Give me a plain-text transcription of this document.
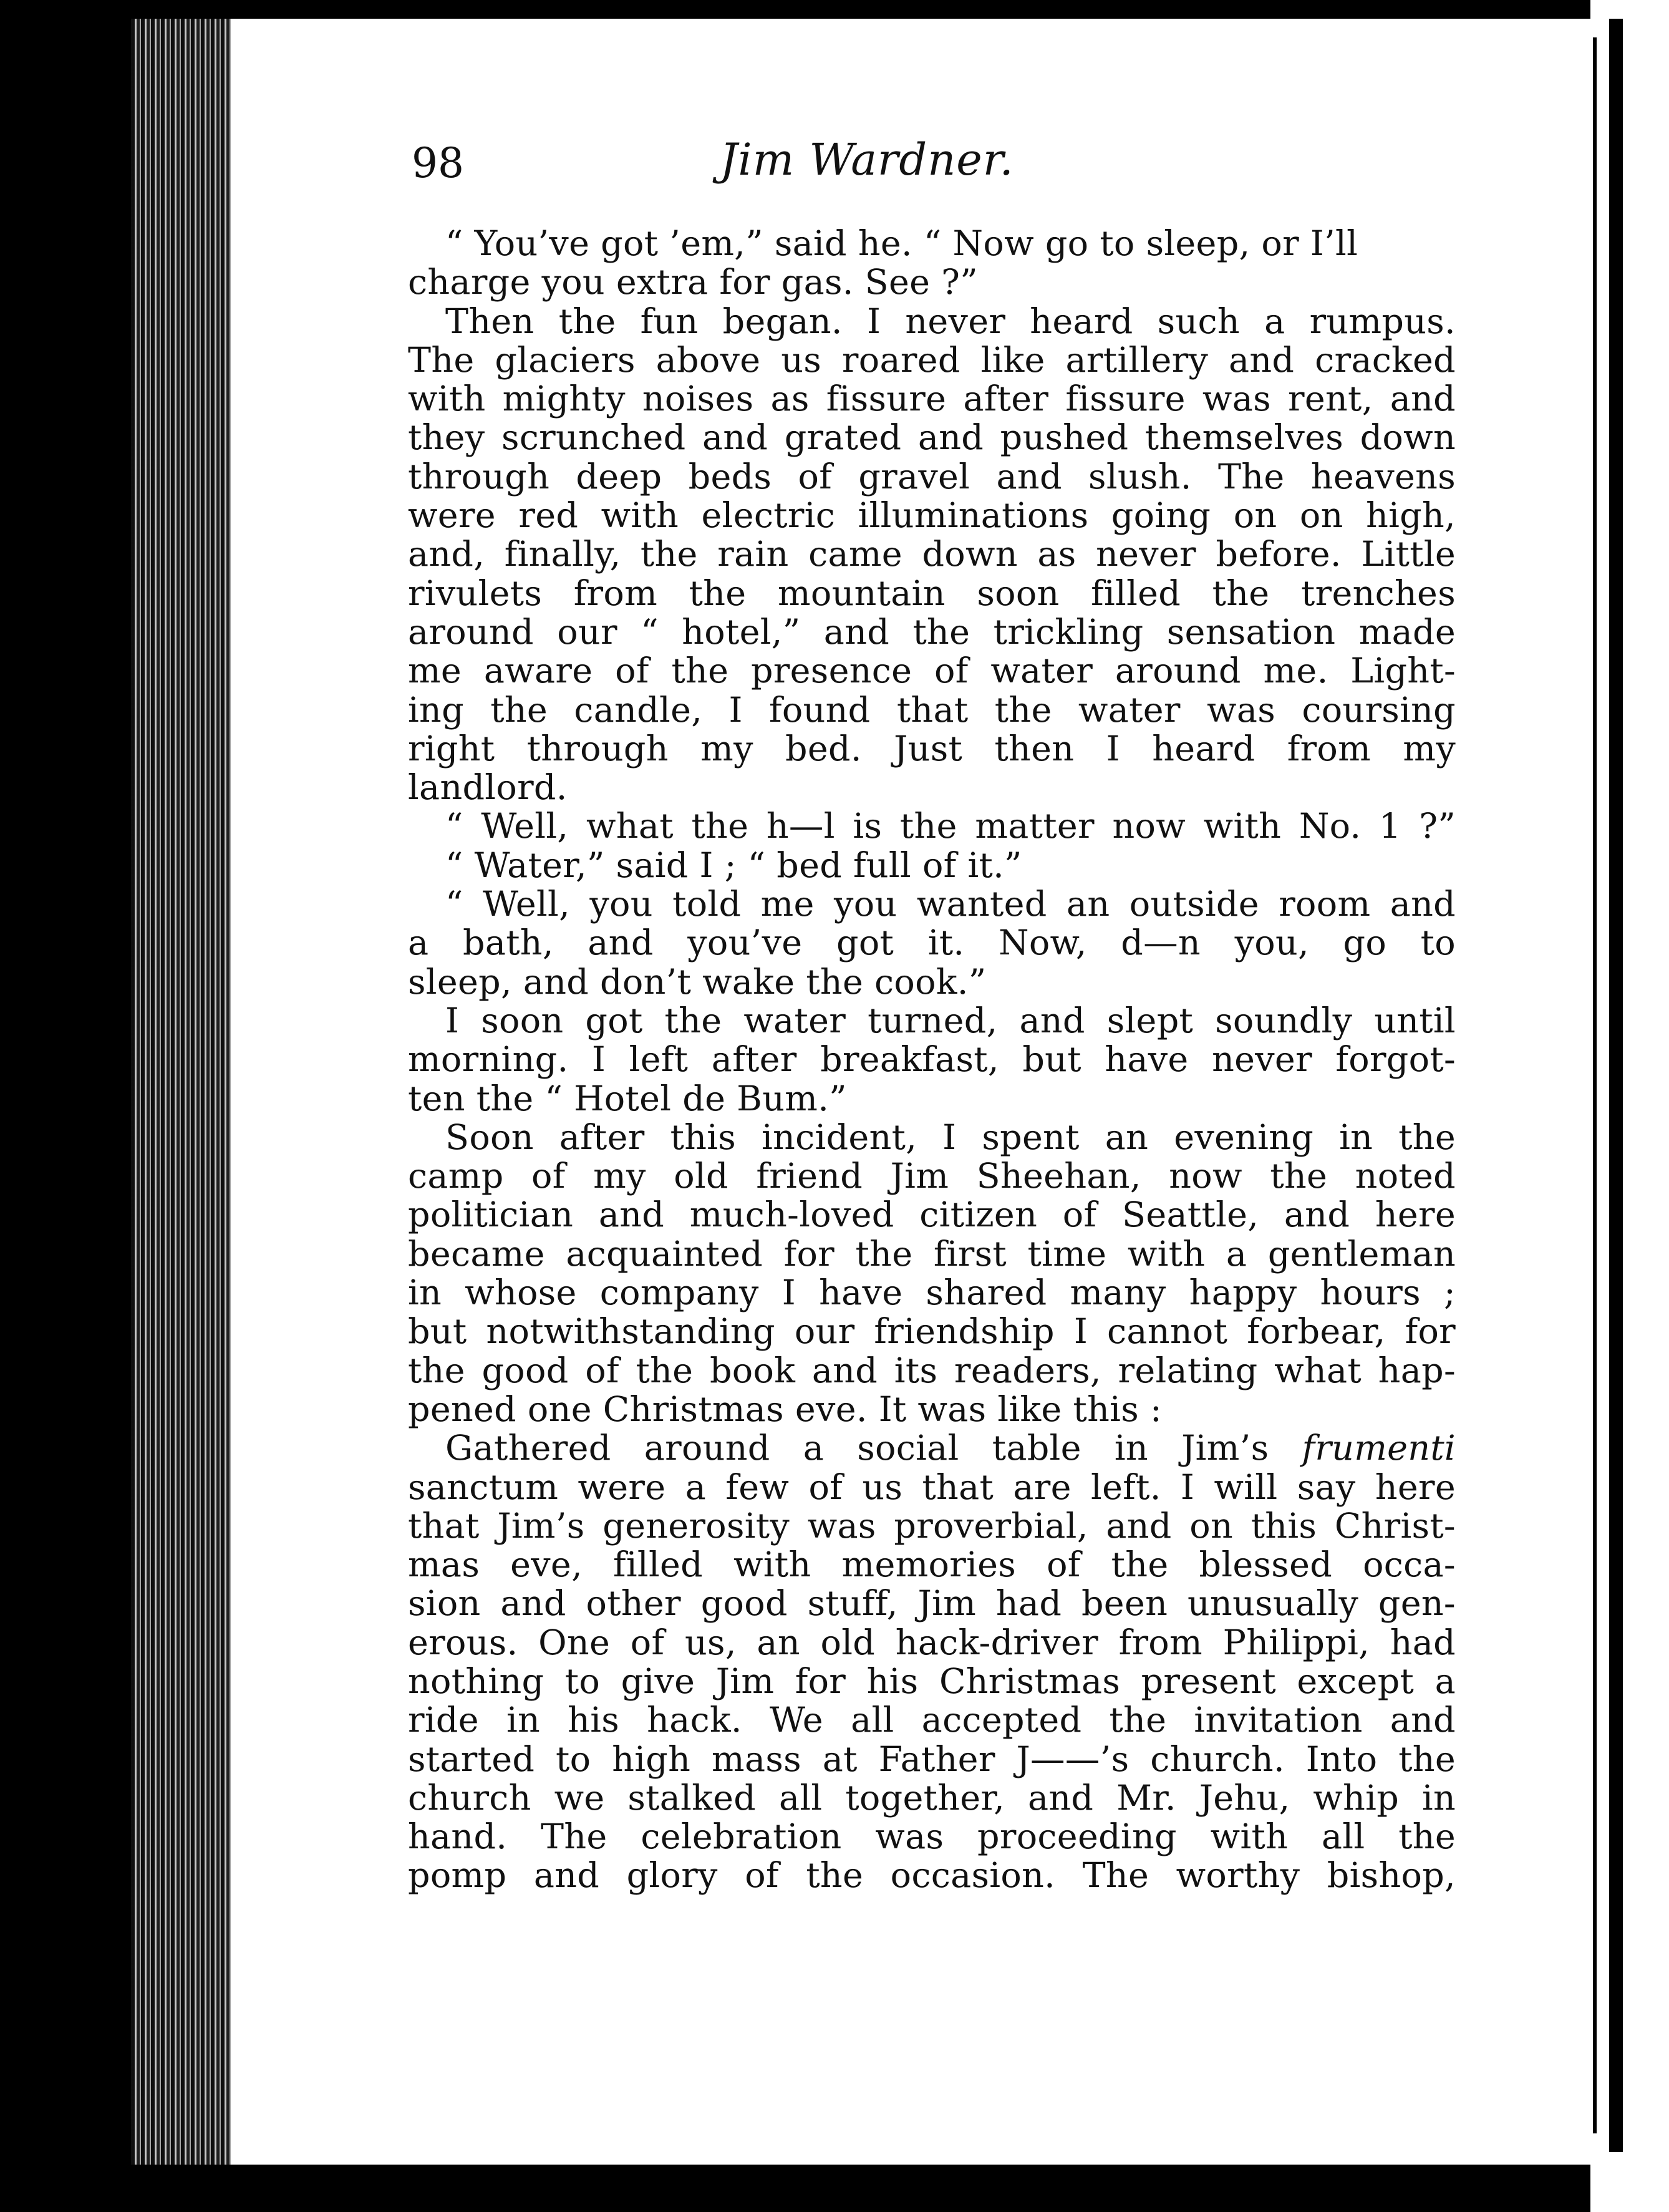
98	Jim Wardner.
“ You’ve got ’em,” said he. “ Now go to sleep, or I’ll
charge you extra for gas. See ?”
Then the fun began. I never heard such a rumpus.
The glaciers above us roared like artillery and cracked
with mighty noises as fissure after fissure was rent, and
they scrunched and grated and pushed themselves down
through deep beds of gravel and slush. The heavens
were red with electric illuminations going on on high,
and, finally, the rain came down as never before. Little
rivulets from the mountain soon filled the trenches
around our “ hotel,” and the trickling sensation made
me aware of the presence of water around me. Light-
ing the candle, I found that the water was coursing
right through my bed. Just then I heard from my
landlord.
“ Well, what the h—l is the matter now with No. 1 ?”
“ Water,” said I ; “ bed full of it.”
“ Well, you told me you wanted an outside room and
a bath, and you’ve got it. Now, d—n you, go to
sleep, and don’t wake the cook.”
I soon got the water turned, and slept soundly until
morning. I left after breakfast, but have never forgot-
ten the “ Hotel de Bum.”
Soon after this incident, I spent an evening in the
camp of my old friend Jim Sheehan, now the noted
politician and much-loved citizen of Seattle, and here
became acquainted for the first time with a gentleman
in whose company I have shared many happy hours ;
but notwithstanding our friendship I cannot forbear, for
the good of the book and its readers, relating what hap-
pened one Christmas eve. It was like this :
Gathered around a social table in Jim’s frumenti
sanctum were a few of us that are left. I will say here
that Jim’s generosity was proverbial, and on this Christ-
mas eve, filled with memories of the blessed occa-
sion and other good stuff, Jim had been unusually gen-
erous. One of us, an old hack-driver from Philippi, had
nothing to give Jim for his Christmas present except a
ride in his hack. We all accepted the invitation and
started to high mass at Father J——’s church. Into the
church we stalked all together, and Mr. Jehu, whip in
hand. The celebration was proceeding with all the
pomp and glory of the occasion. The worthy bishop,
